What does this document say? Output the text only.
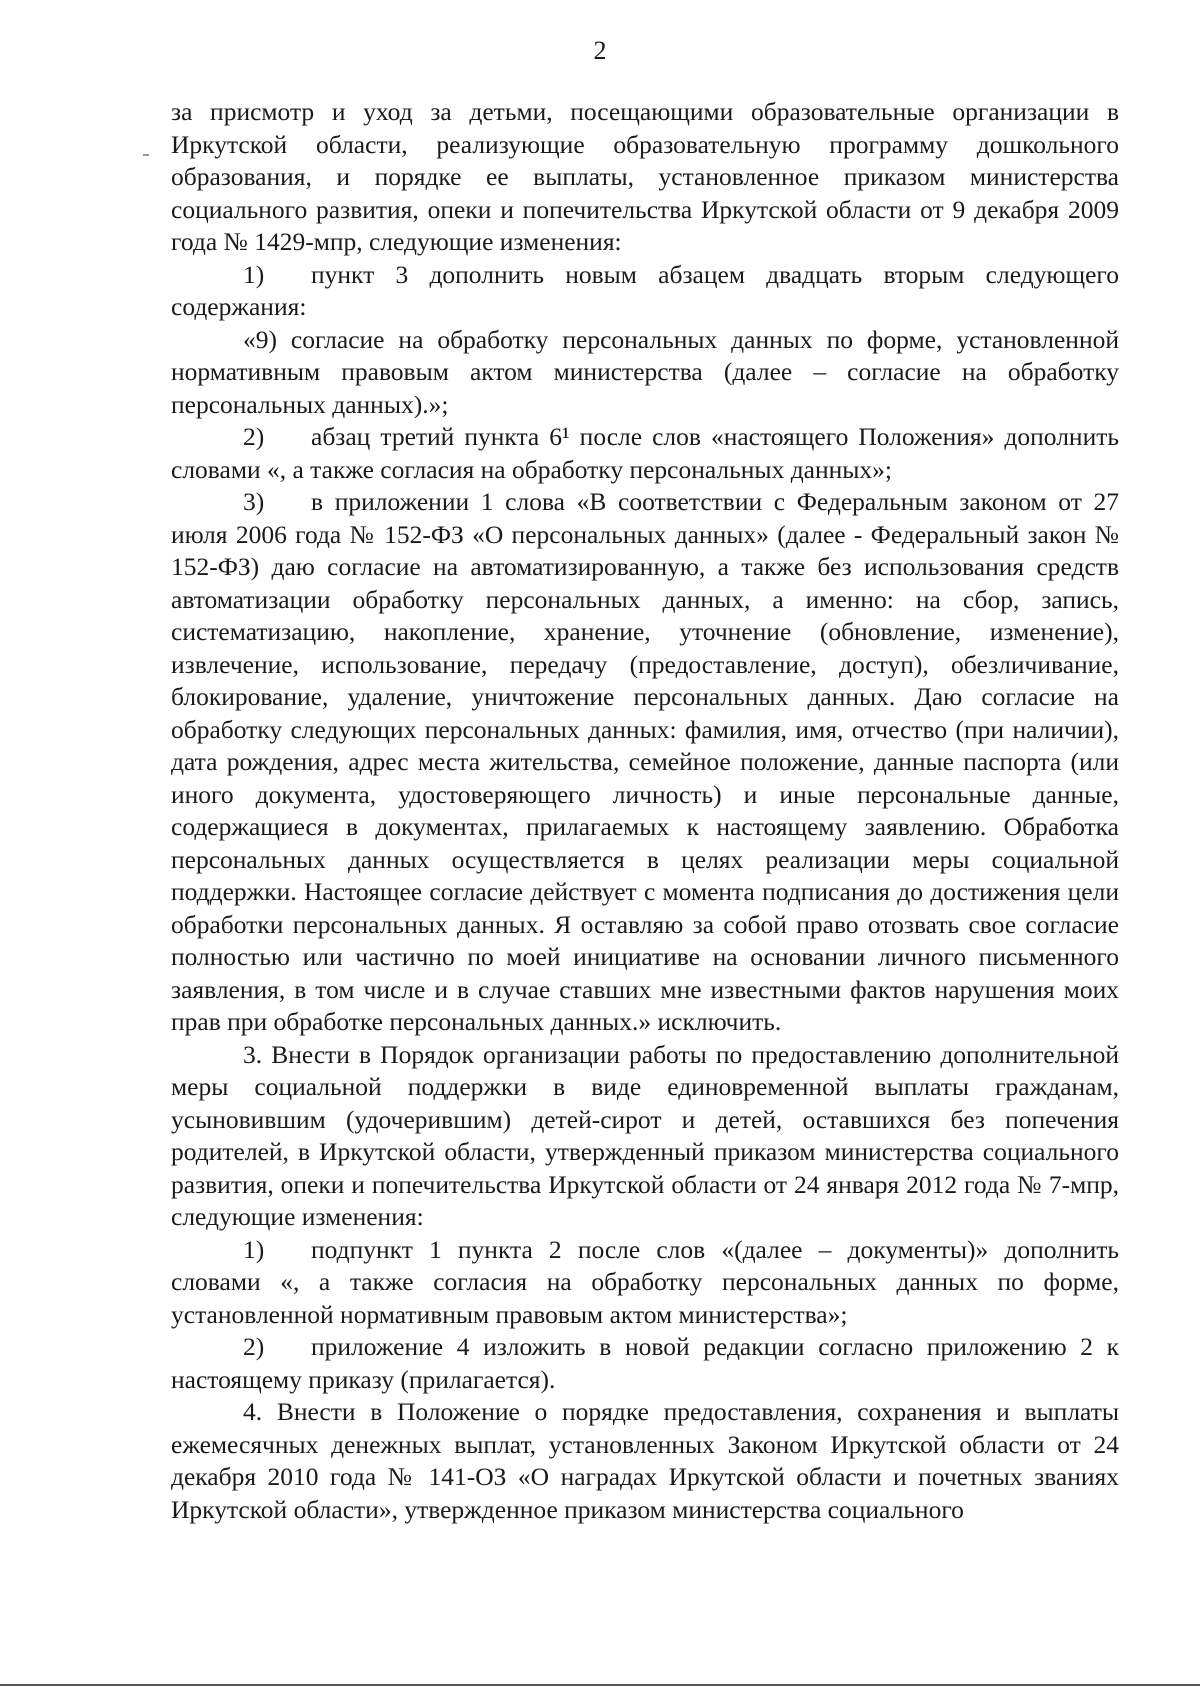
2

за присмотр и уход за детьми, посещающими образовательные организации в Иркутской области, реализующие образовательную программу дошкольного образования, и порядке ее выплаты, установленное приказом министерства социального развития, опеки и попечительства Иркутской области от 9 декабря 2009 года № 1429-мпр, следующие изменения:

1) пункт 3 дополнить новым абзацем двадцать вторым следующего содержания:

«9) согласие на обработку персональных данных по форме, установленной нормативным правовым актом министерства (далее – согласие на обработку персональных данных).»;

2) абзац третий пункта 6¹ после слов «настоящего Положения» дополнить словами «, а также согласия на обработку персональных данных»;

3) в приложении 1 слова «В соответствии с Федеральным законом от 27 июля 2006 года № 152-ФЗ «О персональных данных» (далее - Федеральный закон № 152-ФЗ) даю согласие на автоматизированную, а также без использования средств автоматизации обработку персональных данных, а именно: на сбор, запись, систематизацию, накопление, хранение, уточнение (обновление, изменение), извлечение, использование, передачу (предоставление, доступ), обезличивание, блокирование, удаление, уничтожение персональных данных. Даю согласие на обработку следующих персональных данных: фамилия, имя, отчество (при наличии), дата рождения, адрес места жительства, семейное положение, данные паспорта (или иного документа, удостоверяющего личность) и иные персональные данные, содержащиеся в документах, прилагаемых к настоящему заявлению. Обработка персональных данных осуществляется в целях реализации меры социальной поддержки. Настоящее согласие действует с момента подписания до достижения цели обработки персональных данных. Я оставляю за собой право отозвать свое согласие полностью или частично по моей инициативе на основании личного письменного заявления, в том числе и в случае ставших мне известными фактов нарушения моих прав при обработке персональных данных.» исключить.

3. Внести в Порядок организации работы по предоставлению дополнительной меры социальной поддержки в виде единовременной выплаты гражданам, усыновившим (удочерившим) детей-сирот и детей, оставшихся без попечения родителей, в Иркутской области, утвержденный приказом министерства социального развития, опеки и попечительства Иркутской области от 24 января 2012 года № 7-мпр, следующие изменения:

1) подпункт 1 пункта 2 после слов «(далее – документы)» дополнить словами «, а также согласия на обработку персональных данных по форме, установленной нормативным правовым актом министерства»;

2) приложение 4 изложить в новой редакции согласно приложению 2 к настоящему приказу (прилагается).

4. Внести в Положение о порядке предоставления, сохранения и выплаты ежемесячных денежных выплат, установленных Законом Иркутской области от 24 декабря 2010 года № 141-ОЗ «О наградах Иркутской области и почетных званиях Иркутской области», утвержденное приказом министерства социального
